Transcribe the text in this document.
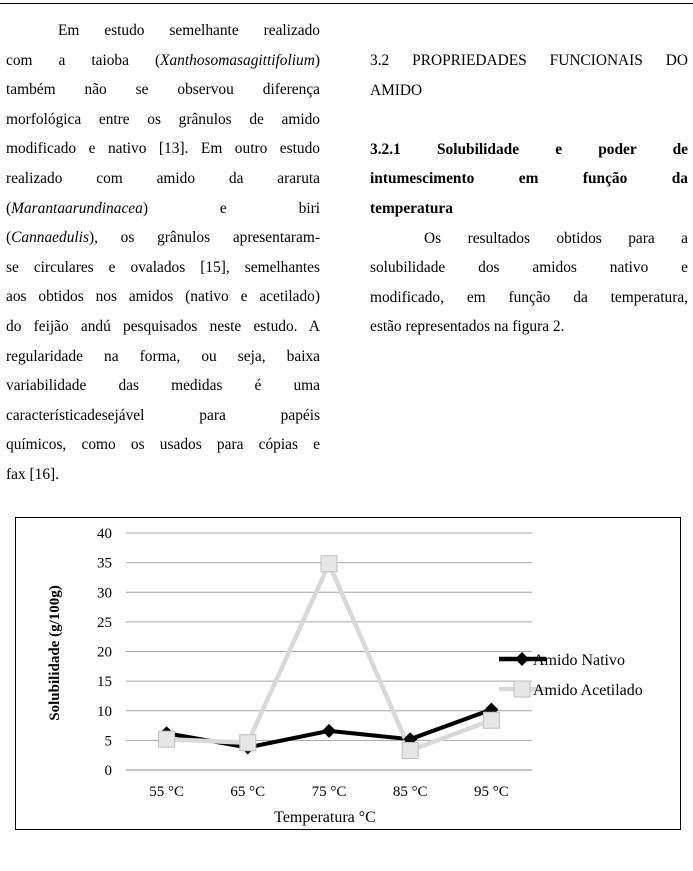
Em estudo semelhante realizado
com a taioba (Xanthosomasagittifolium)
também não se observou diferença
morfológica entre os grânulos de amido
modificado e nativo [13]. Em outro estudo
realizado com amido da araruta
(Marantaarundinacea) e biri
(Cannaedulis), os grânulos apresentaram-
se circulares e ovalados [15], semelhantes
aos obtidos nos amidos (nativo e acetilado)
do feijão andú pesquisados neste estudo. A
regularidade na forma, ou seja, baixa
variabilidade das medidas é uma
característicadesejável para papéis
químicos, como os usados para cópias e
fax [16].
3.2 PROPRIEDADES FUNCIONAIS DO
AMIDO
3.2.1 Solubilidade e poder de
intumescimento em função da
temperatura
Os resultados obtidos para a
solubilidade dos amidos nativo e
modificado, em função da temperatura,
estão representados na figura 2.
0
5
10
15
20
25
30
35
40
55 °C	65 °C	75 °C	85 °C	95 °C
Amido Nativo
Amido Acetilado
Solubilidade (g/100g)
Temperatura °C
